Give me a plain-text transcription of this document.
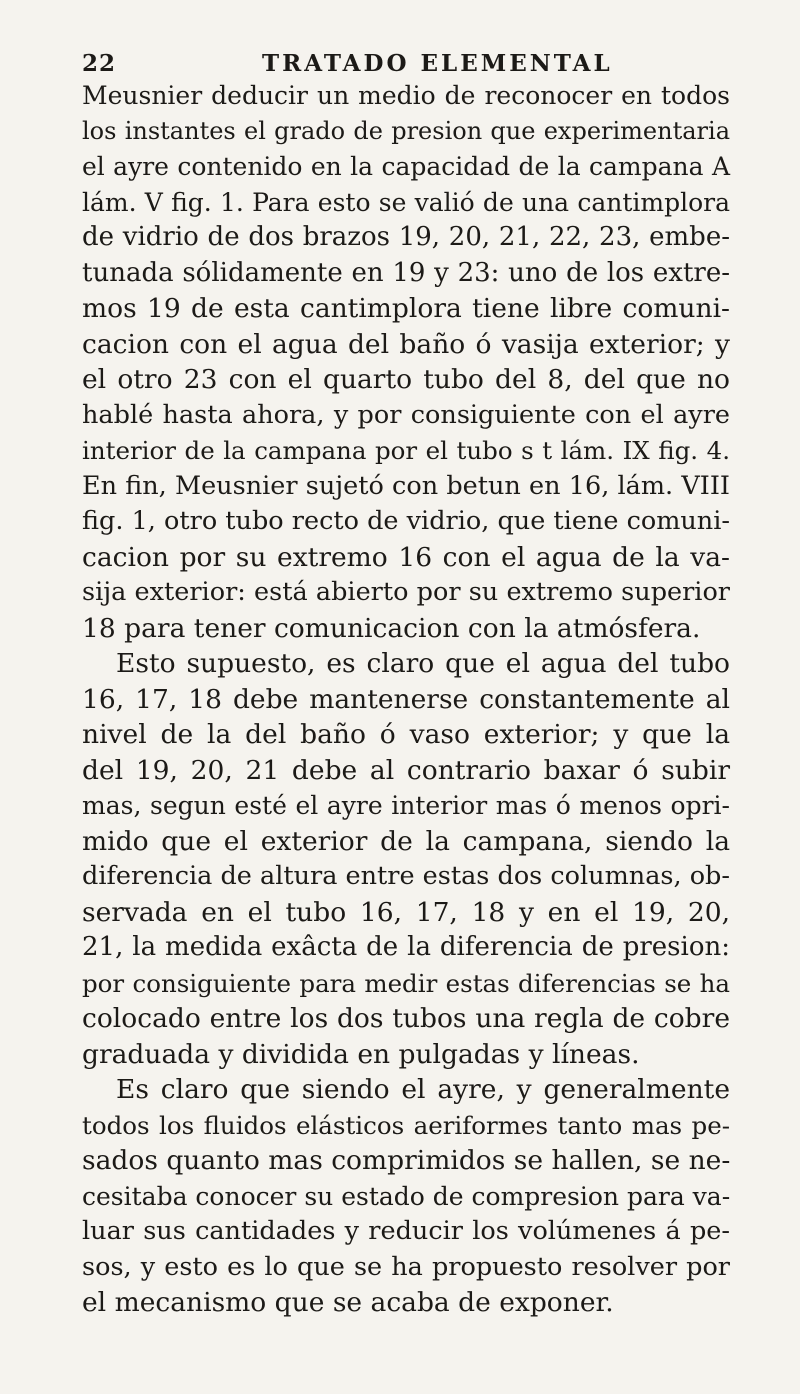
22	TRATADO ELEMENTAL
Meusnier deducir un medio de reconocer en todos
los instantes el grado de presion que experimentaria
el ayre contenido en la capacidad de la campana A
lám. V fig. 1. Para esto se valió de una cantimplora
de vidrio de dos brazos 19, 20, 21, 22, 23, embe-
tunada sólidamente en 19 y 23: uno de los extre-
mos 19 de esta cantimplora tiene libre comuni-
cacion con el agua del baño ó vasija exterior; y
el otro 23 con el quarto tubo del 8, del que no
hablé hasta ahora, y por consiguiente con el ayre
interior de la campana por el tubo s t lám. IX fig. 4.
En fin, Meusnier sujetó con betun en 16, lám. VIII
fig. 1, otro tubo recto de vidrio, que tiene comuni-
cacion por su extremo 16 con el agua de la va-
sija exterior: está abierto por su extremo superior
18 para tener comunicacion con la atmósfera.
Esto supuesto, es claro que el agua del tubo
16, 17, 18 debe mantenerse constantemente al
nivel de la del baño ó vaso exterior; y que la
del 19, 20, 21 debe al contrario baxar ó subir
mas, segun esté el ayre interior mas ó menos opri-
mido que el exterior de la campana, siendo la
diferencia de altura entre estas dos columnas, ob-
servada en el tubo 16, 17, 18 y en el 19, 20,
21, la medida exâcta de la diferencia de presion:
por consiguiente para medir estas diferencias se ha
colocado entre los dos tubos una regla de cobre
graduada y dividida en pulgadas y líneas.
Es claro que siendo el ayre, y generalmente
todos los fluidos elásticos aeriformes tanto mas pe-
sados quanto mas comprimidos se hallen, se ne-
cesitaba conocer su estado de compresion para va-
luar sus cantidades y reducir los volúmenes á pe-
sos, y esto es lo que se ha propuesto resolver por
el mecanismo que se acaba de exponer.
